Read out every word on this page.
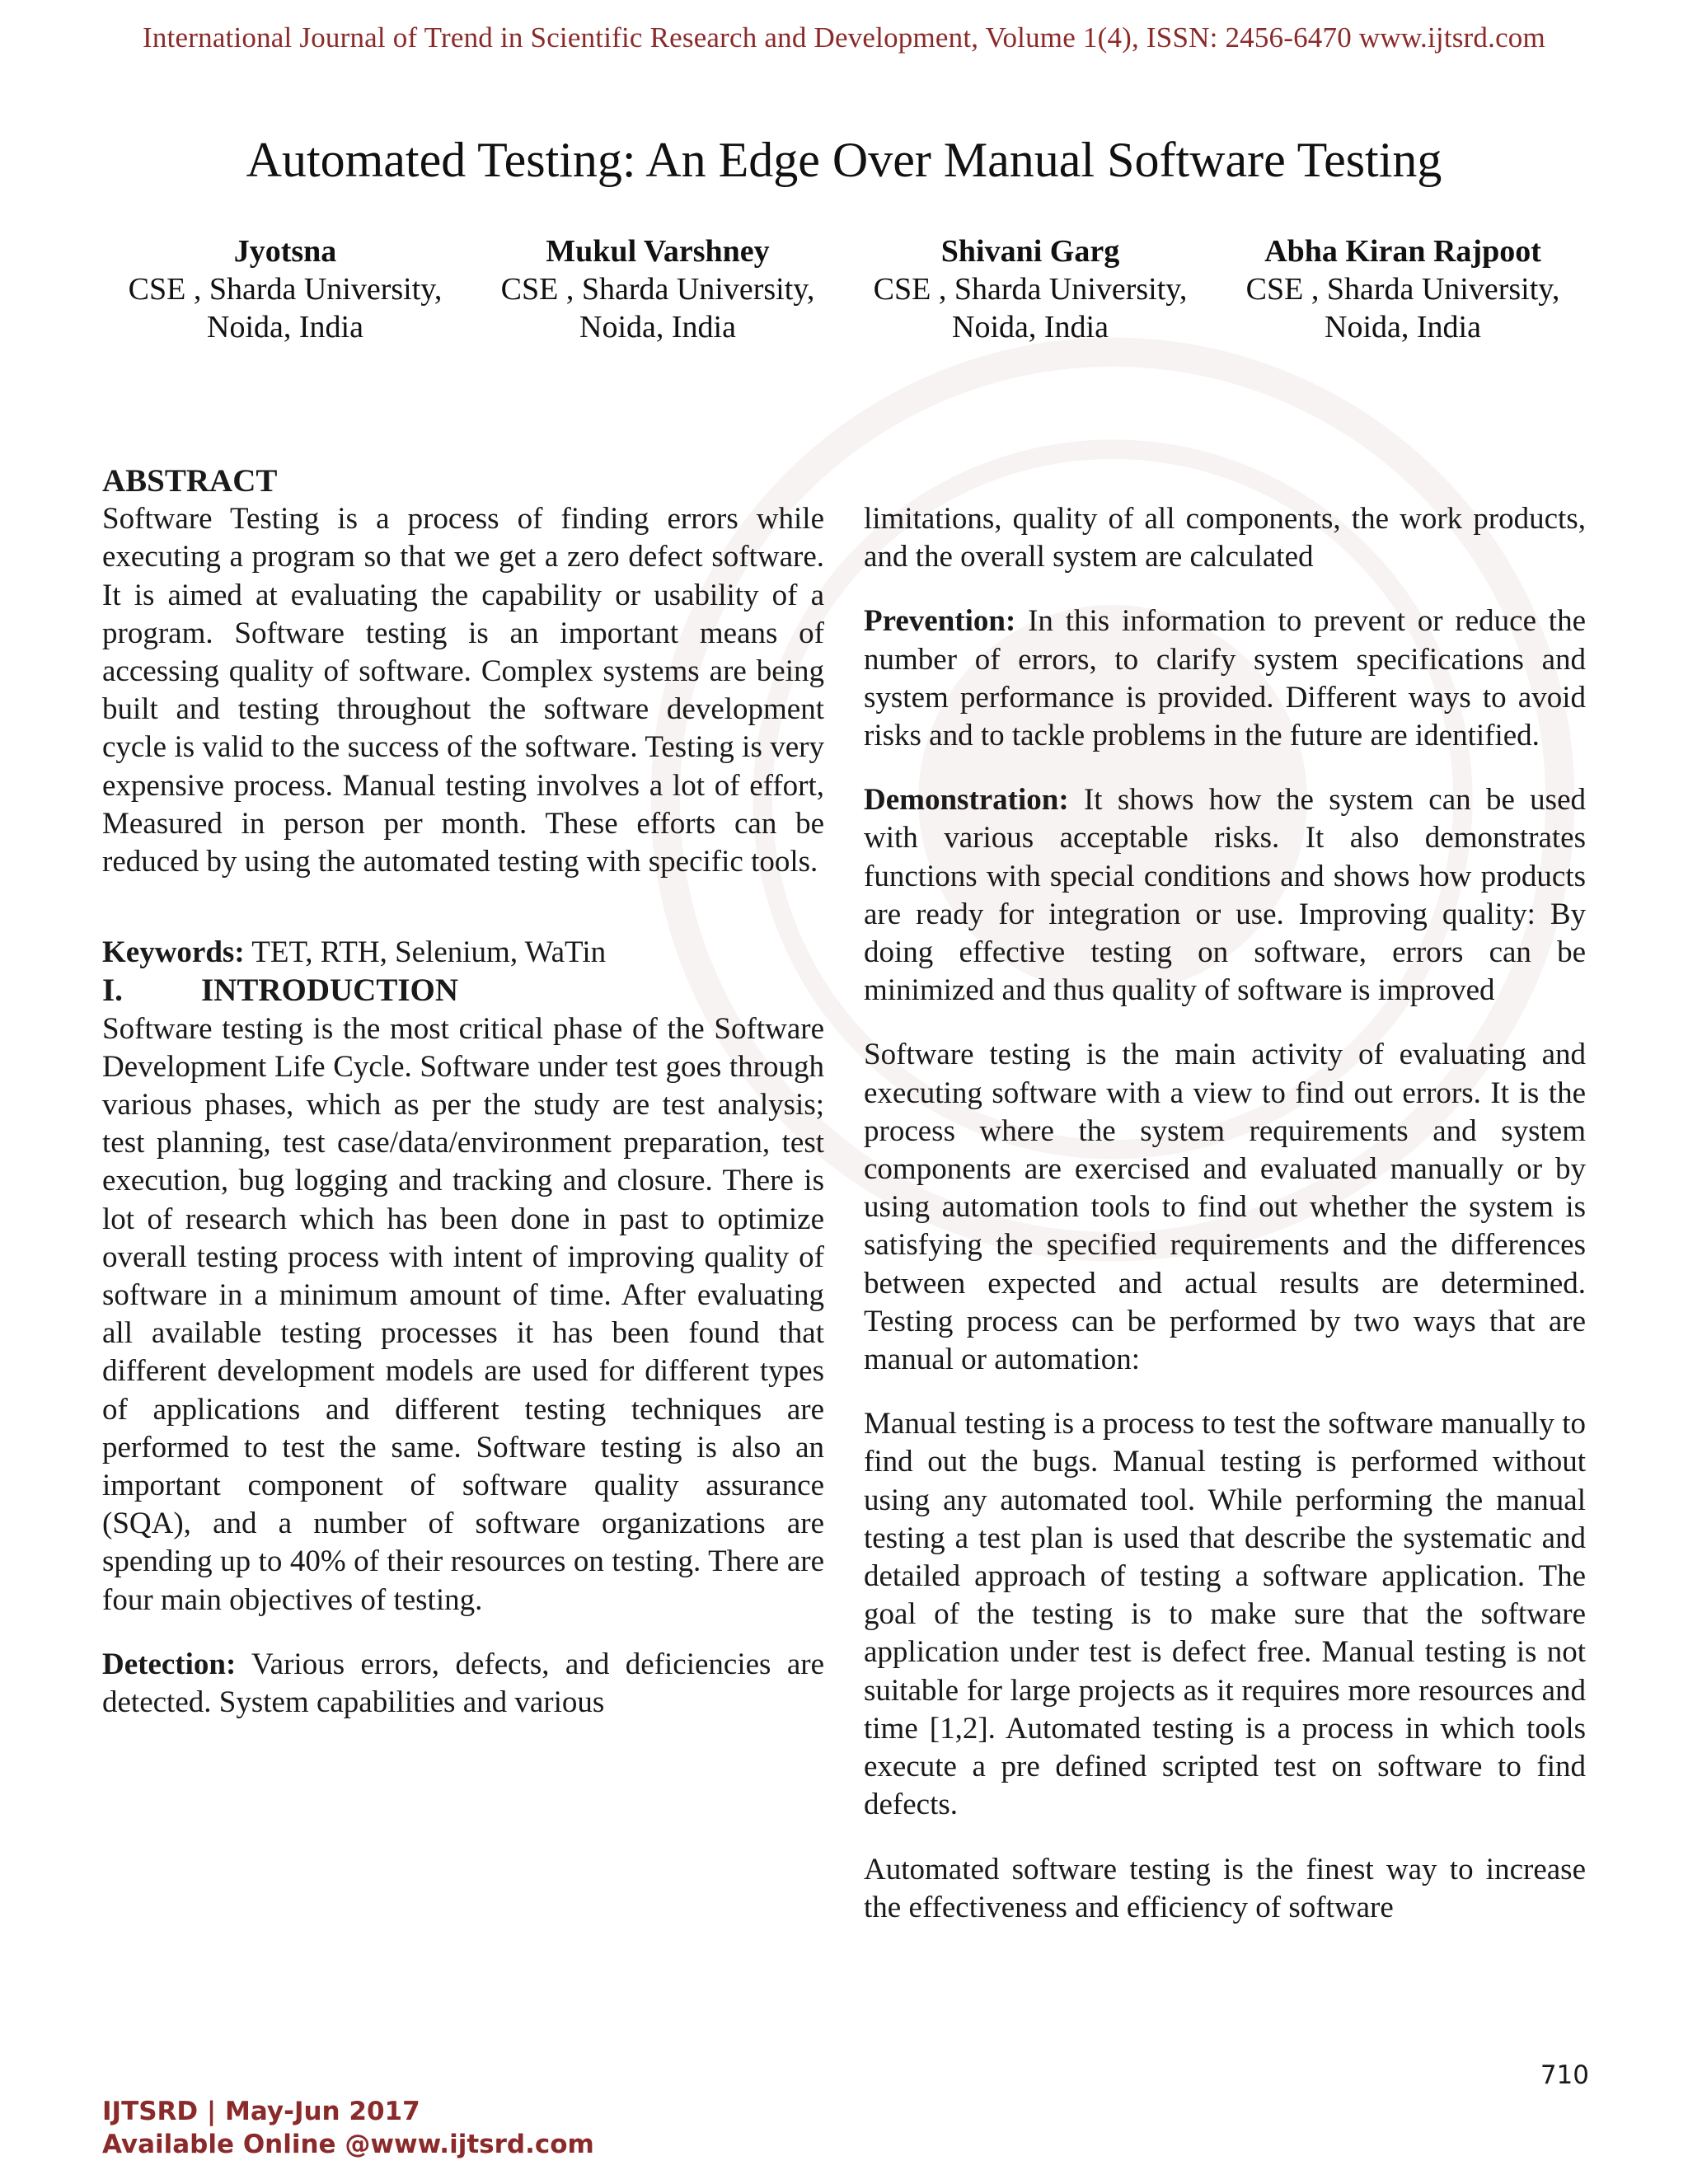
International Journal of Trend in Scientific Research and Development, Volume 1(4), ISSN: 2456-6470 www.ijtsrd.com
Automated Testing: An Edge Over Manual Software Testing
Jyotsna
CSE , Sharda University,
Noida, India
Mukul Varshney
CSE , Sharda University,
Noida, India
Shivani Garg
CSE , Sharda University,
Noida, India
Abha Kiran Rajpoot
CSE , Sharda University,
Noida, India

ABSTRACT

Software Testing is a process of finding errors while executing a program so that we get a zero defect software. It is aimed at evaluating the capability or usability of a program. Software testing is an important means of accessing quality of software. Complex systems are being built and testing throughout the software development cycle is valid to the success of the software. Testing is very expensive process. Manual testing involves a lot of effort, Measured in person per month. These efforts can be reduced by using the automated testing with specific tools.

Keywords: TET, RTH, Selenium, WaTin

I. INTRODUCTION

Software testing is the most critical phase of the Software Development Life Cycle. Software under test goes through various phases, which as per the study are test analysis; test planning, test case/data/environment preparation, test execution, bug logging and tracking and closure. There is lot of research which has been done in past to optimize overall testing process with intent of improving quality of software in a minimum amount of time. After evaluating all available testing processes it has been found that different development models are used for different types of applications and different testing techniques are performed to test the same. Software testing is also an important component of software quality assurance (SQA), and a number of software organizations are spending up to 40% of their resources on testing. There are four main objectives of testing.

Detection: Various errors, defects, and deficiencies are detected. System capabilities and various

limitations, quality of all components, the work products, and the overall system are calculated

Prevention: In this information to prevent or reduce the number of errors, to clarify system specifications and system performance is provided. Different ways to avoid risks and to tackle problems in the future are identified.

Demonstration: It shows how the system can be used with various acceptable risks. It also demonstrates functions with special conditions and shows how products are ready for integration or use. Improving quality: By doing effective testing on software, errors can be minimized and thus quality of software is improved

Software testing is the main activity of evaluating and executing software with a view to find out errors. It is the process where the system requirements and system components are exercised and evaluated manually or by using automation tools to find out whether the system is satisfying the specified requirements and the differences between expected and actual results are determined. Testing process can be performed by two ways that are manual or automation:

Manual testing is a process to test the software manually to find out the bugs. Manual testing is performed without using any automated tool. While performing the manual testing a test plan is used that describe the systematic and detailed approach of testing a software application. The goal of the testing is to make sure that the software application under test is defect free. Manual testing is not suitable for large projects as it requires more resources and time [1,2]. Automated testing is a process in which tools execute a pre defined scripted test on software to find defects.

Automated software testing is the finest way to increase the effectiveness and efficiency of software

710
IJTSRD | May-Jun 2017
Available Online @www.ijtsrd.com
